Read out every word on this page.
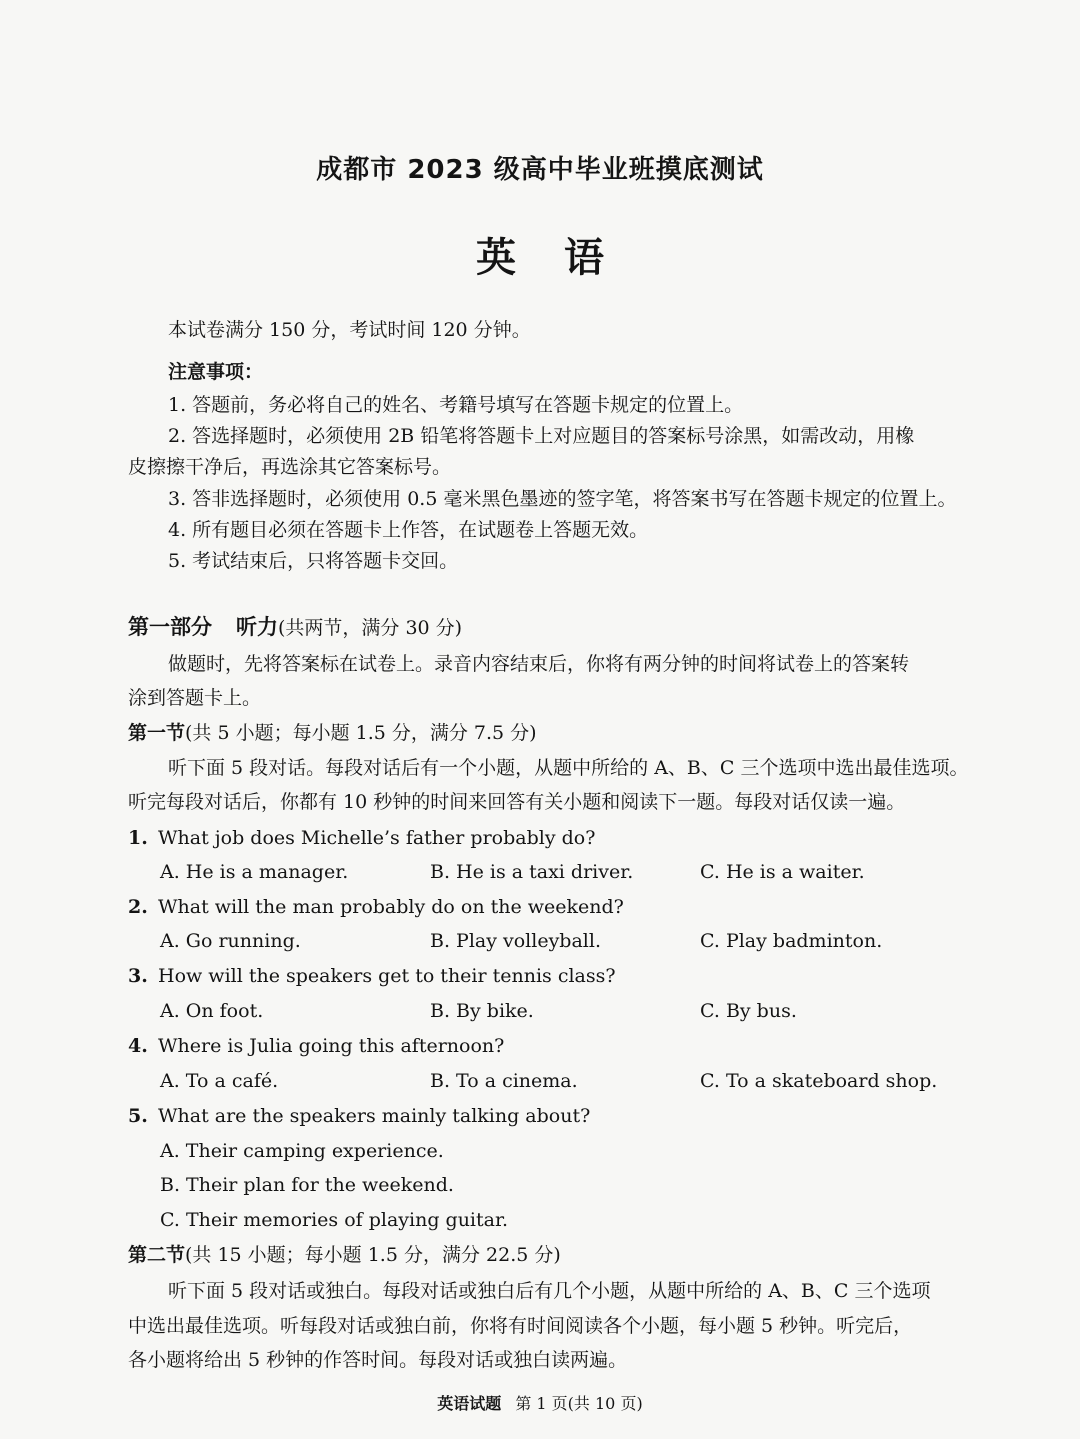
成都市 2023 级高中毕业班摸底测试
英语
本试卷满分 150 分，考试时间 120 分钟。
注意事项：
1. 答题前，务必将自己的姓名、考籍号填写在答题卡规定的位置上。
2. 答选择题时，必须使用 2B 铅笔将答题卡上对应题目的答案标号涂黑，如需改动，用橡
皮擦擦干净后，再选涂其它答案标号。
3. 答非选择题时，必须使用 0.5 毫米黑色墨迹的签字笔，将答案书写在答题卡规定的位置上。
4. 所有题目必须在答题卡上作答，在试题卷上答题无效。
5. 考试结束后，只将答题卡交回。
第一部分 听力(共两节，满分 30 分)
做题时，先将答案标在试卷上。录音内容结束后，你将有两分钟的时间将试卷上的答案转
涂到答题卡上。
第一节(共 5 小题；每小题 1.5 分，满分 7.5 分)
听下面 5 段对话。每段对话后有一个小题，从题中所给的 A、B、C 三个选项中选出最佳选项。
听完每段对话后，你都有 10 秒钟的时间来回答有关小题和阅读下一题。每段对话仅读一遍。
1. What job does Michelle’s father probably do?
A. He is a manager.	B. He is a taxi driver.	C. He is a waiter.
2. What will the man probably do on the weekend?
A. Go running.	B. Play volleyball.	C. Play badminton.
3. How will the speakers get to their tennis class?
A. On foot.	B. By bike.	C. By bus.
4. Where is Julia going this afternoon?
A. To a café.	B. To a cinema.	C. To a skateboard shop.
5. What are the speakers mainly talking about?
A. Their camping experience.
B. Their plan for the weekend.
C. Their memories of playing guitar.
第二节(共 15 小题；每小题 1.5 分，满分 22.5 分)
听下面 5 段对话或独白。每段对话或独白后有几个小题，从题中所给的 A、B、C 三个选项
中选出最佳选项。听每段对话或独白前，你将有时间阅读各个小题，每小题 5 秒钟。听完后，
各小题将给出 5 秒钟的作答时间。每段对话或独白读两遍。
英语试题 第 1 页(共 10 页)
